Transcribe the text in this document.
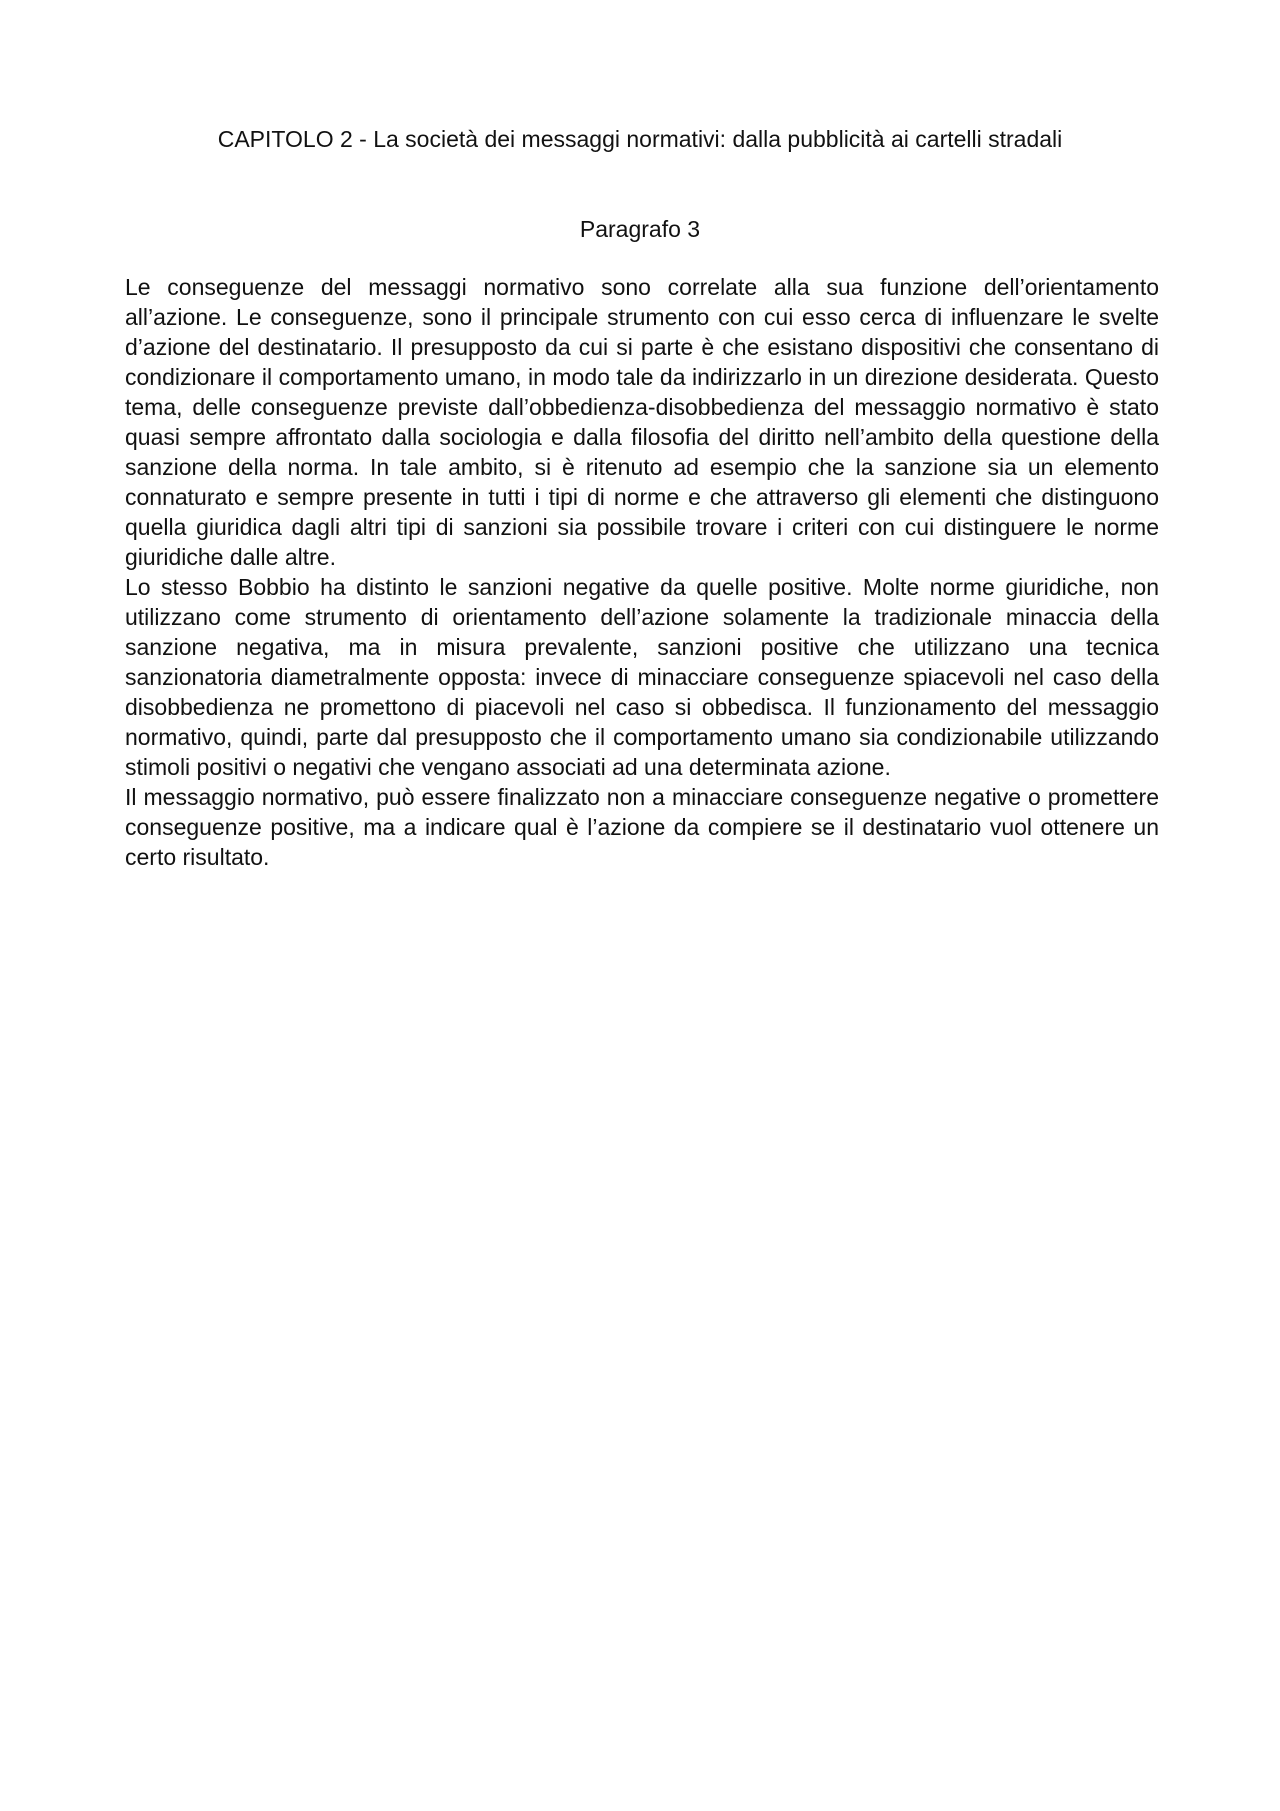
CAPITOLO 2 - La società dei messaggi normativi: dalla pubblicità ai cartelli stradali
Paragrafo 3

Le conseguenze del messaggi normativo sono correlate alla sua funzione dell’orientamento all’azione. Le conseguenze, sono il principale strumento con cui esso cerca di influenzare le svelte d’azione del destinatario. Il presupposto da cui si parte è che esistano dispositivi che consentano di condizionare il comportamento umano, in modo tale da indirizzarlo in un direzione desiderata. Questo tema, delle conseguenze previste dall’obbedienza-disobbedienza del messaggio normativo è stato quasi sempre affrontato dalla sociologia e dalla filosofia del diritto nell’ambito della questione della sanzione della norma. In tale ambito, si è ritenuto ad esempio che la sanzione sia un elemento connaturato e sempre presente in tutti i tipi di norme e che attraverso gli elementi che distinguono quella giuridica dagli altri tipi di sanzioni sia possibile trovare i criteri con cui distinguere le norme giuridiche dalle altre.

Lo stesso Bobbio ha distinto le sanzioni negative da quelle positive. Molte norme giuridiche, non utilizzano come strumento di orientamento dell’azione solamente la tradizionale minaccia della sanzione negativa, ma in misura prevalente, sanzioni positive che utilizzano una tecnica sanzionatoria diametralmente opposta: invece di minacciare conseguenze spiacevoli nel caso della disobbedienza ne promettono di piacevoli nel caso si obbedisca. Il funzionamento del messaggio normativo, quindi, parte dal presupposto che il comportamento umano sia condizionabile utilizzando stimoli positivi o negativi che vengano associati ad una determinata azione.

Il messaggio normativo, può essere finalizzato non a minacciare conseguenze negative o promettere conseguenze positive, ma a indicare qual è l’azione da compiere se il destinatario vuol ottenere un certo risultato.
